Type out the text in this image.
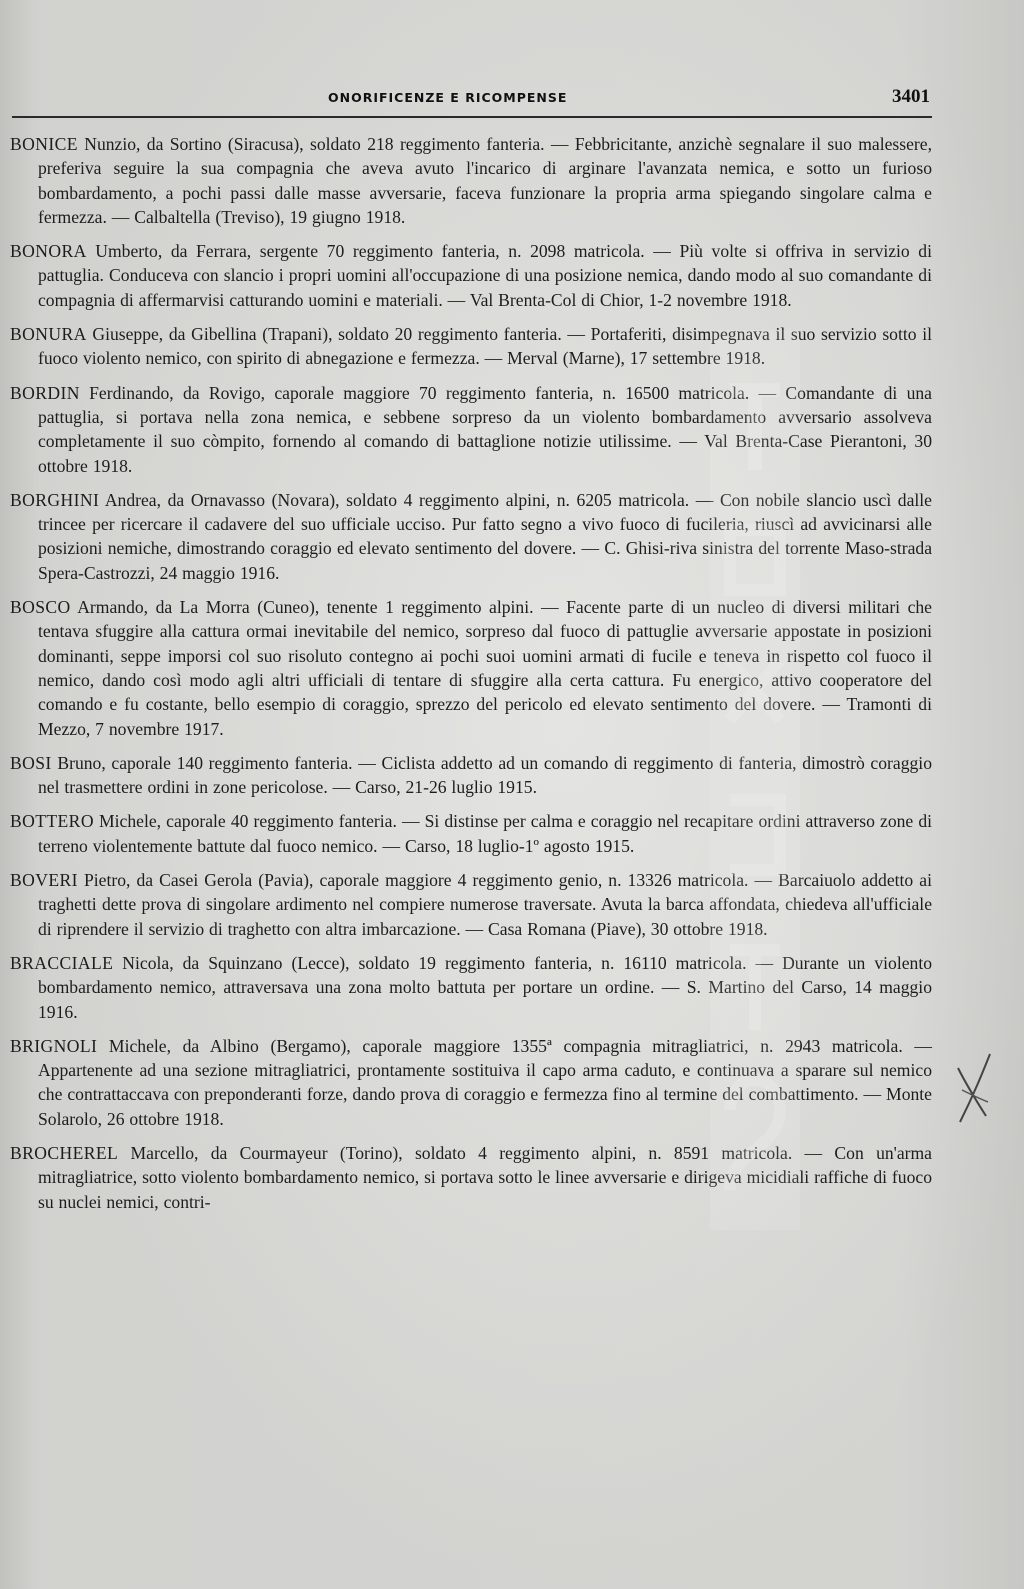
ONORIFICENZE E RICOMPENSE	3401

BONICE Nunzio, da Sortino (Siracusa), soldato 218 reggimento fanteria. — Febbricitante, anzichè segnalare il suo malessere, preferiva seguire la sua compagnia che aveva avuto l'incarico di arginare l'avanzata nemica, e sotto un furioso bombardamento, a pochi passi dalle masse avversarie, faceva funzionare la propria arma spiegando singolare calma e fermezza. — Calbaltella (Treviso), 19 giugno 1918.

BONORA Umberto, da Ferrara, sergente 70 reggimento fanteria, n. 2098 matricola. — Più volte si offriva in servizio di pattuglia. Conduceva con slancio i propri uomini all'occupazione di una posizione nemica, dando modo al suo comandante di compagnia di affermarvisi catturando uomini e materiali. — Val Brenta-Col di Chior, 1-2 novembre 1918.

BONURA Giuseppe, da Gibellina (Trapani), soldato 20 reggimento fanteria. — Portaferiti, disimpegnava il suo servizio sotto il fuoco violento nemico, con spirito di abnegazione e fermezza. — Merval (Marne), 17 settembre 1918.

BORDIN Ferdinando, da Rovigo, caporale maggiore 70 reggimento fanteria, n. 16500 matricola. — Comandante di una pattuglia, si portava nella zona nemica, e sebbene sorpreso da un violento bombardamento avversario assolveva completamente il suo còmpito, fornendo al comando di battaglione notizie utilissime. — Val Brenta-Case Pierantoni, 30 ottobre 1918.

BORGHINI Andrea, da Ornavasso (Novara), soldato 4 reggimento alpini, n. 6205 matricola. — Con nobile slancio uscì dalle trincee per ricercare il cadavere del suo ufficiale ucciso. Pur fatto segno a vivo fuoco di fucileria, riuscì ad avvicinarsi alle posizioni nemiche, dimostrando coraggio ed elevato sentimento del dovere. — C. Ghisi-riva sinistra del torrente Maso-strada Spera-Castrozzi, 24 maggio 1916.

BOSCO Armando, da La Morra (Cuneo), tenente 1 reggimento alpini. — Facente parte di un nucleo di diversi militari che tentava sfuggire alla cattura ormai inevitabile del nemico, sorpreso dal fuoco di pattuglie avversarie appostate in posizioni dominanti, seppe imporsi col suo risoluto contegno ai pochi suoi uomini armati di fucile e teneva in rispetto col fuoco il nemico, dando così modo agli altri ufficiali di tentare di sfuggire alla certa cattura. Fu energico, attivo cooperatore del comando e fu costante, bello esempio di coraggio, sprezzo del pericolo ed elevato sentimento del dovere. — Tramonti di Mezzo, 7 novembre 1917.

BOSI Bruno, caporale 140 reggimento fanteria. — Ciclista addetto ad un comando di reggimento di fanteria, dimostrò coraggio nel trasmettere ordini in zone pericolose. — Carso, 21-26 luglio 1915.

BOTTERO Michele, caporale 40 reggimento fanteria. — Si distinse per calma e coraggio nel recapitare ordini attraverso zone di terreno violentemente battute dal fuoco nemico. — Carso, 18 luglio-1º agosto 1915.

BOVERI Pietro, da Casei Gerola (Pavia), caporale maggiore 4 reggimento genio, n. 13326 matricola. — Barcaiuolo addetto ai traghetti dette prova di singolare ardimento nel compiere numerose traversate. Avuta la barca affondata, chiedeva all'ufficiale di riprendere il servizio di traghetto con altra imbarcazione. — Casa Romana (Piave), 30 ottobre 1918.

BRACCIALE Nicola, da Squinzano (Lecce), soldato 19 reggimento fanteria, n. 16110 matricola. — Durante un violento bombardamento nemico, attraversava una zona molto battuta per portare un ordine. — S. Martino del Carso, 14 maggio 1916.

BRIGNOLI Michele, da Albino (Bergamo), caporale maggiore 1355ª compagnia mitragliatrici, n. 2943 matricola. — Appartenente ad una sezione mitragliatrici, prontamente sostituiva il capo arma caduto, e continuava a sparare sul nemico che contrattaccava con preponderanti forze, dando prova di coraggio e fermezza fino al termine del combattimento. — Monte Solarolo, 26 ottobre 1918.

BROCHEREL Marcello, da Courmayeur (Torino), soldato 4 reggimento alpini, n. 8591 matricola. — Con un'arma mitragliatrice, sotto violento bombardamento nemico, si portava sotto le linee avversarie e dirigeva micidiali raffiche di fuoco su nuclei nemici, contri-
